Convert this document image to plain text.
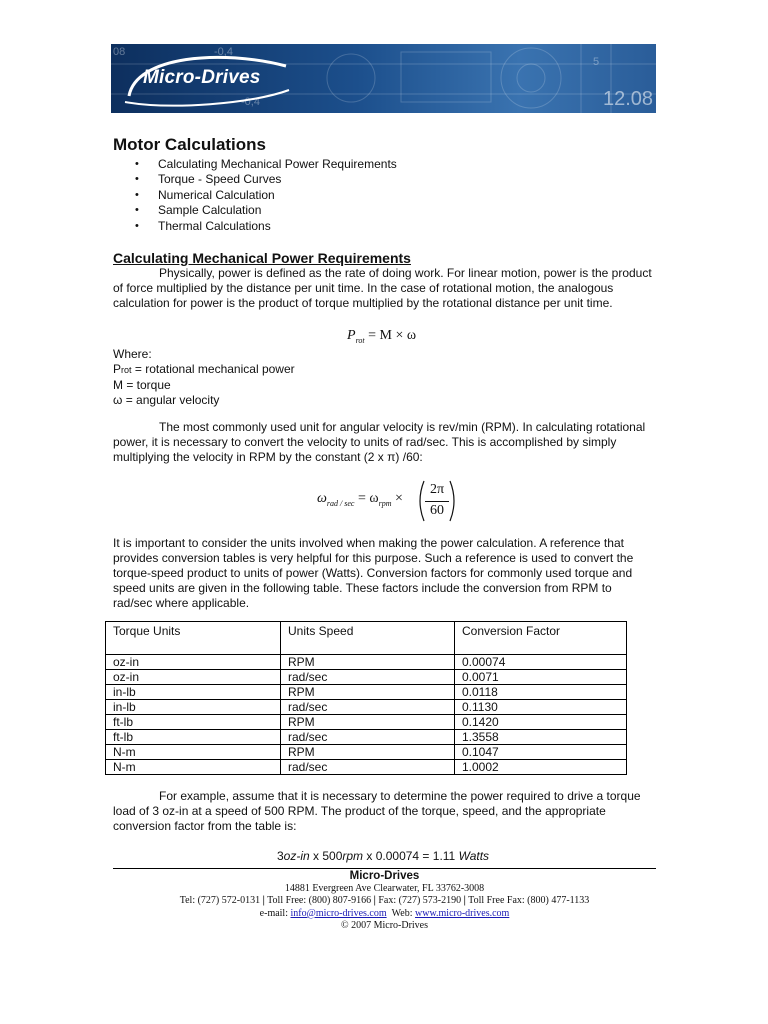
08	-0,4
-0,4
5
12.08
Micro-Drives
Motor Calculations
• Calculating Mechanical Power Requirements
• Torque - Speed Curves
• Numerical Calculation
• Sample Calculation
• Thermal Calculations
Calculating Mechanical Power Requirements

Physically, power is defined as the rate of doing work. For linear motion, power is the product of force multiplied by the distance per unit time. In the case of rotational motion, the analogous calculation for power is the product of torque multiplied by the rotational distance per unit time.

$P_{rot} = M \times \omega$
Where:
Prot = rotational mechanical power
M = torque
ω = angular velocity

The most commonly used unit for angular velocity is rev/min (RPM). In calculating rotational power, it is necessary to convert the velocity to units of rad/sec. This is accomplished by simply multiplying the velocity in RPM by the constant (2 x π) /60:

$\omega_{rad / sec} = \omega_{rpm}$ ×
2π
60

It is important to consider the units involved when making the power calculation. A reference that provides conversion tables is very helpful for this purpose. Such a reference is used to convert the torque-speed product to units of power (Watts). Conversion factors for commonly used torque and speed units are given in the following table. These factors include the conversion from RPM to rad/sec where applicable.

Torque Units	Units Speed	Conversion Factor
oz-in	RPM	0.00074
oz-in	rad/sec	0.0071
in-lb	RPM	0.0118
in-lb	rad/sec	0.1130
ft-lb	RPM	0.1420
ft-lb	rad/sec	1.3558
N-m	RPM	0.1047
N-m	rad/sec	1.0002

For example, assume that it is necessary to determine the power required to drive a torque load of 3 oz-in at a speed of 500 RPM. The product of the torque, speed, and the appropriate conversion factor from the table is:

3oz-in x 500rpm x 0.00074 = 1.11 Watts
Micro-Drives
14881 Evergreen Ave Clearwater, FL 33762-3008
Tel: (727) 572-0131 | Toll Free: (800) 807-9166 | Fax: (727) 573-2190 | Toll Free Fax: (800) 477-1133
e-mail: info@micro-drives.com Web: www.micro-drives.com
© 2007 Micro-Drives
